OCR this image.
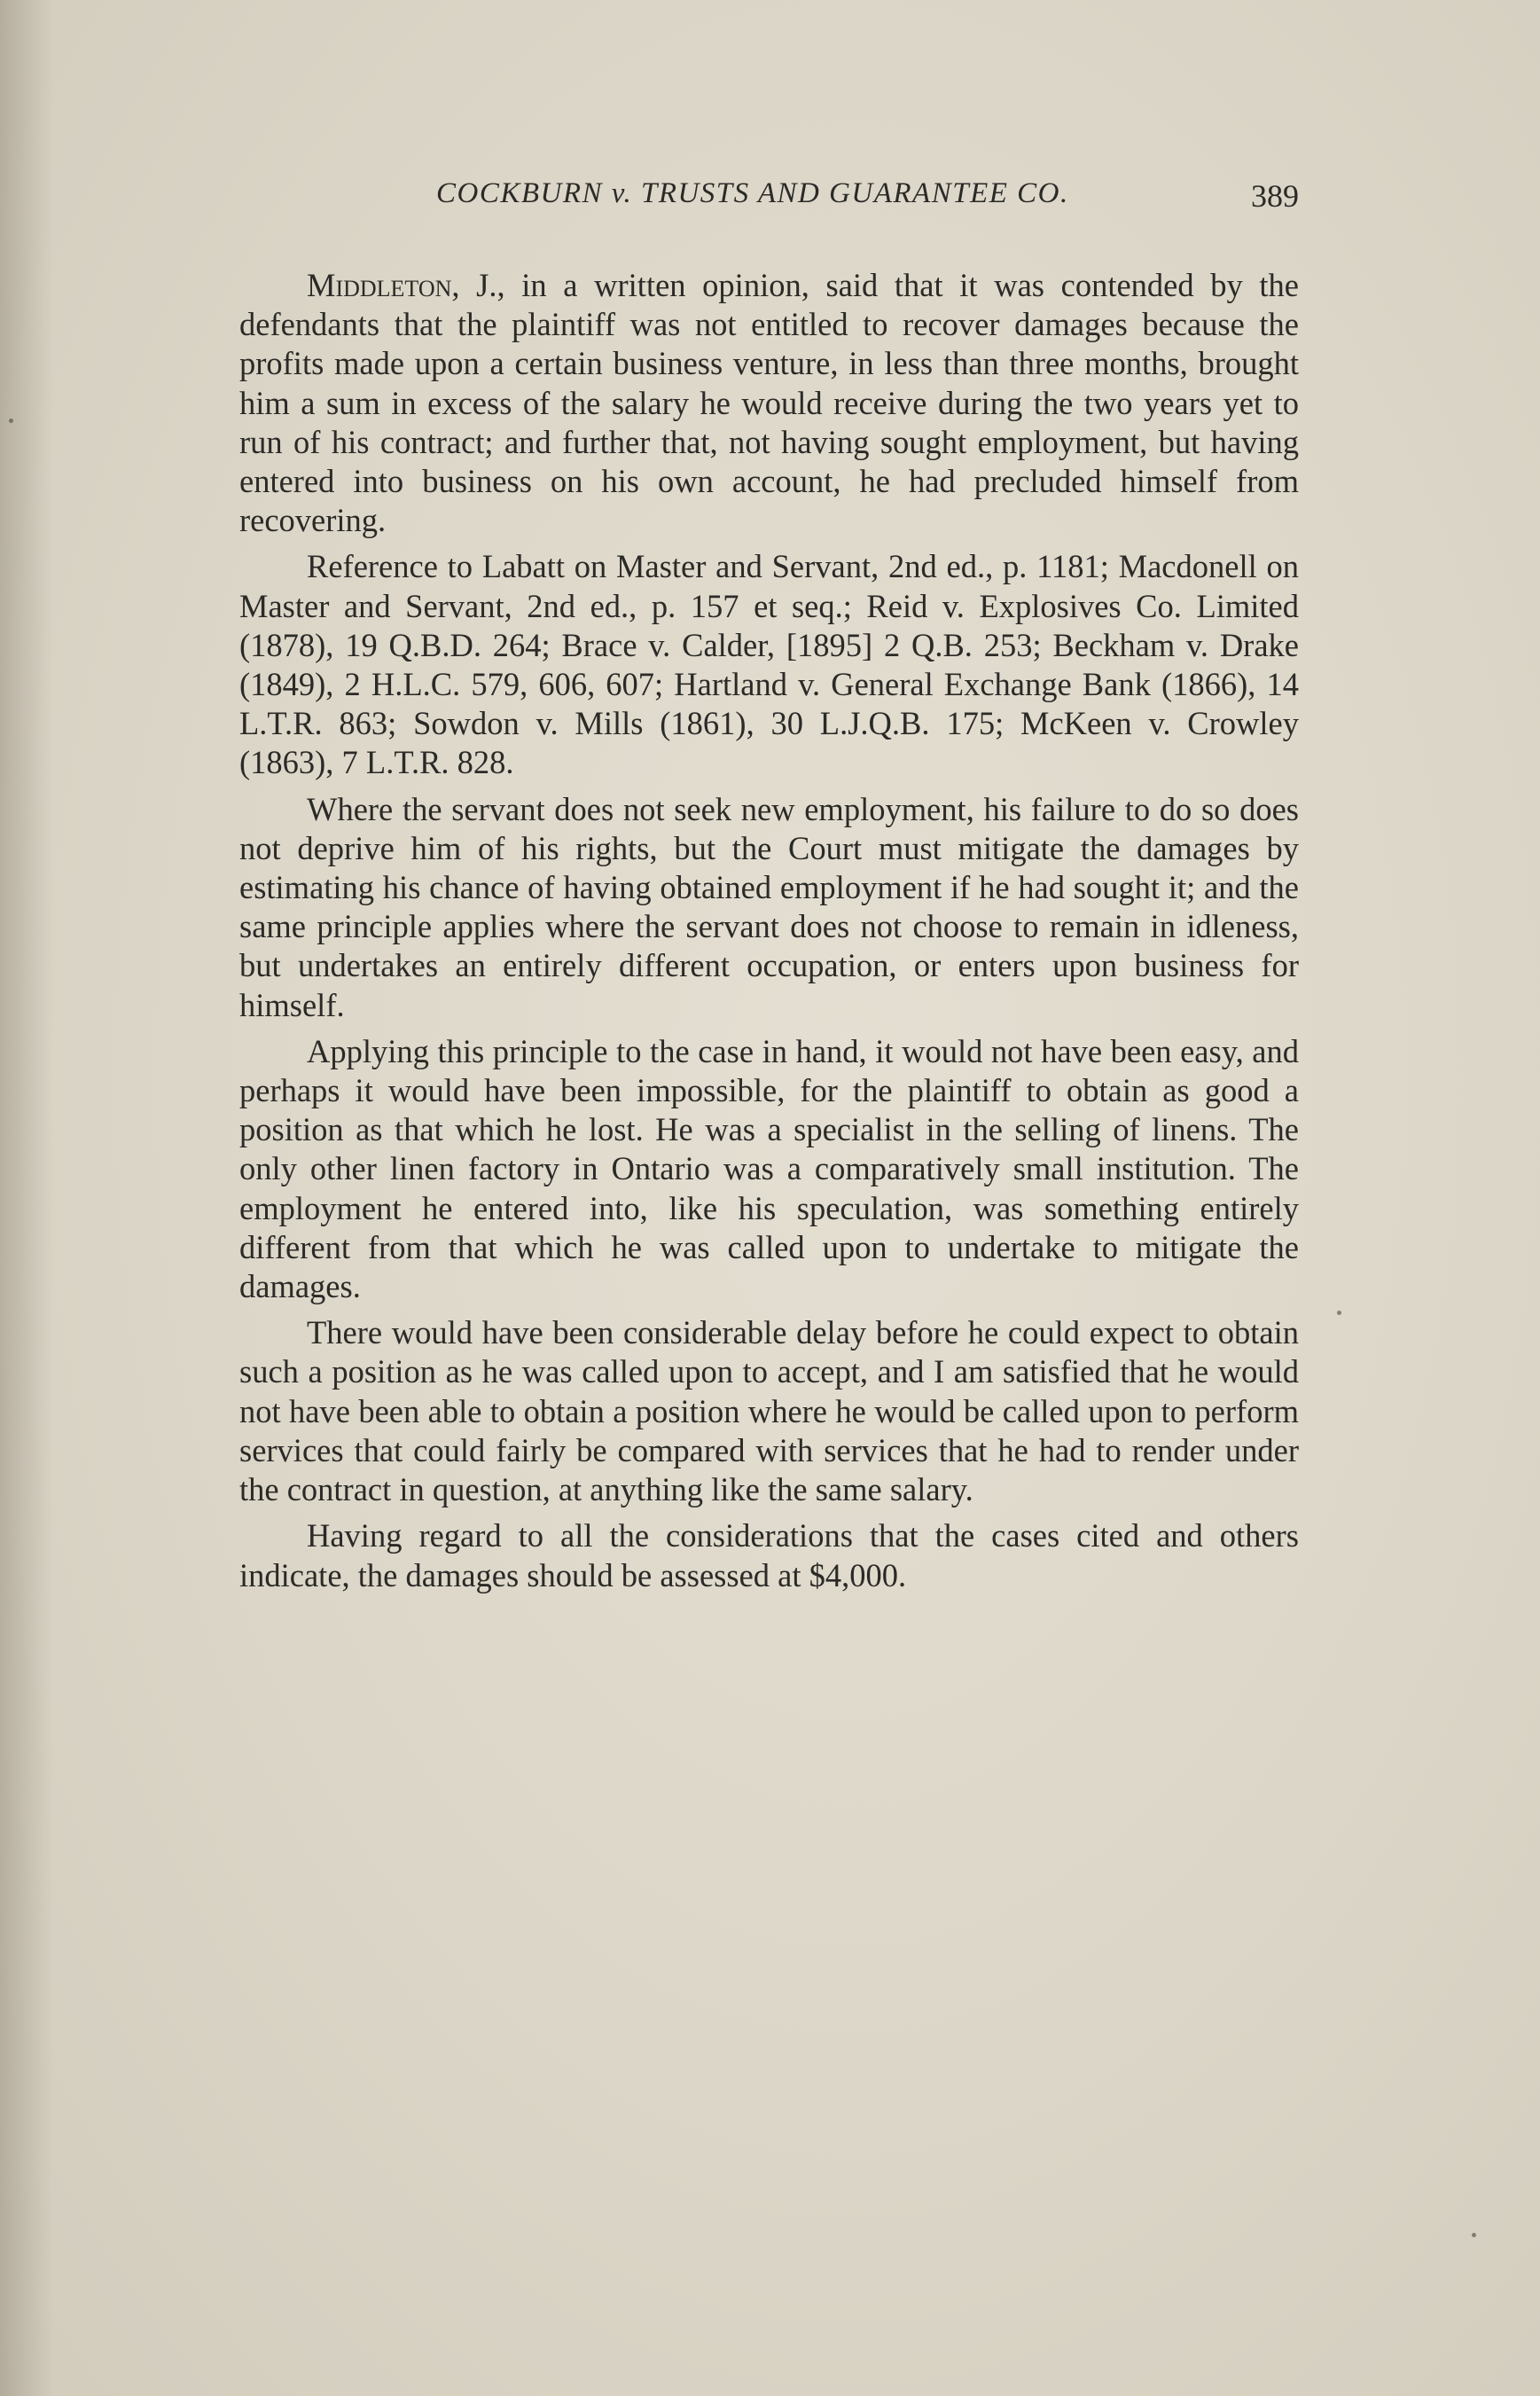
COCKBURN v. TRUSTS AND GUARANTEE CO.	389

Middleton, J., in a written opinion, said that it was contended by the defendants that the plaintiff was not entitled to recover damages because the profits made upon a certain business venture, in less than three months, brought him a sum in excess of the salary he would receive during the two years yet to run of his contract; and further that, not having sought employment, but having entered into business on his own account, he had precluded himself from recovering.

Reference to Labatt on Master and Servant, 2nd ed., p. 1181; Macdonell on Master and Servant, 2nd ed., p. 157 et seq.; Reid v. Explosives Co. Limited (1878), 19 Q.B.D. 264; Brace v. Calder, [1895] 2 Q.B. 253; Beckham v. Drake (1849), 2 H.L.C. 579, 606, 607; Hartland v. General Exchange Bank (1866), 14 L.T.R. 863; Sowdon v. Mills (1861), 30 L.J.Q.B. 175; McKeen v. Crowley (1863), 7 L.T.R. 828.

Where the servant does not seek new employment, his failure to do so does not deprive him of his rights, but the Court must mitigate the damages by estimating his chance of having obtained employment if he had sought it; and the same principle applies where the servant does not choose to remain in idleness, but undertakes an entirely different occupation, or enters upon business for himself.

Applying this principle to the case in hand, it would not have been easy, and perhaps it would have been impossible, for the plaintiff to obtain as good a position as that which he lost. He was a specialist in the selling of linens. The only other linen factory in Ontario was a comparatively small institution. The employment he entered into, like his speculation, was something entirely different from that which he was called upon to undertake to mitigate the damages.

There would have been considerable delay before he could expect to obtain such a position as he was called upon to accept, and I am satisfied that he would not have been able to obtain a position where he would be called upon to perform services that could fairly be compared with services that he had to render under the contract in question, at anything like the same salary.

Having regard to all the considerations that the cases cited and others indicate, the damages should be assessed at $4,000.
